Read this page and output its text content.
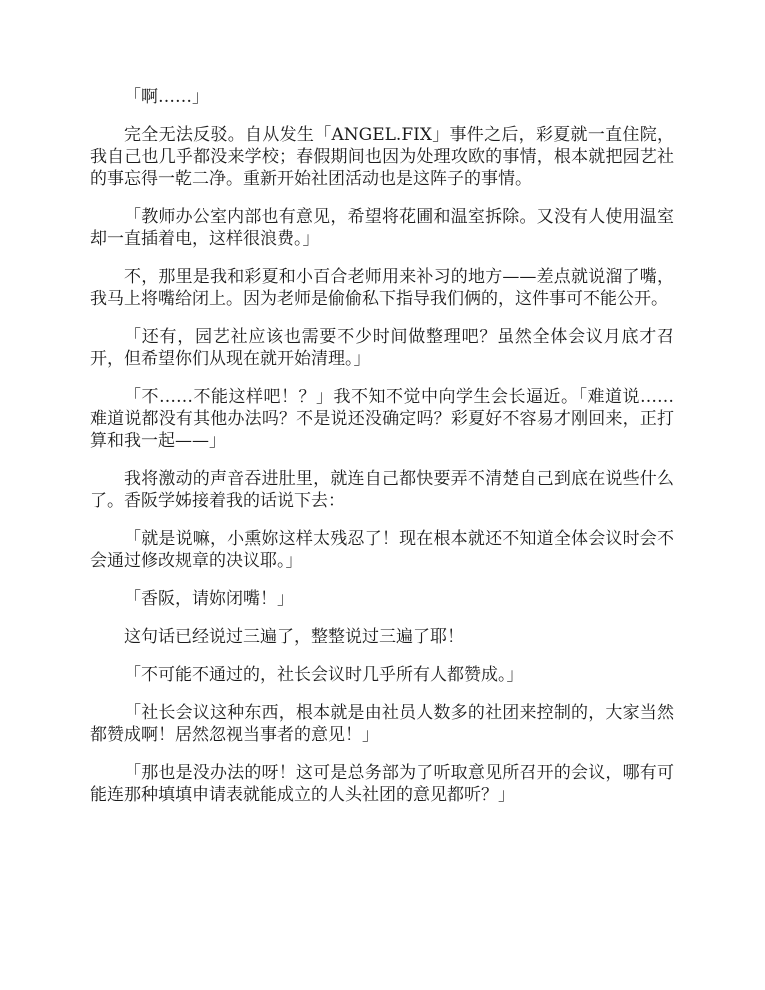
「啊……」

完全无法反驳。自从发生「ANGEL.FIX」事件之后，彩夏就一直住院，我自己也几乎都没来学校；春假期间也因为处理攻欧的事情，根本就把园艺社的事忘得一乾二净。重新开始社团活动也是这阵子的事情。

「教师办公室内部也有意见，希望将花圃和温室拆除。又没有人使用温室却一直插着电，这样很浪费。」

不，那里是我和彩夏和小百合老师用来补习的地方——差点就说溜了嘴，我马上将嘴给闭上。因为老师是偷偷私下指导我们俩的，这件事可不能公开。

「还有，园艺社应该也需要不少时间做整理吧？虽然全体会议月底才召开，但希望你们从现在就开始清理。」

「不……不能这样吧！？」我不知不觉中向学生会长逼近。「难道说……难道说都没有其他办法吗？不是说还没确定吗？彩夏好不容易才刚回来，正打算和我一起——」

我将激动的声音吞进肚里，就连自己都快要弄不清楚自己到底在说些什么了。香阪学姊接着我的话说下去：

「就是说嘛，小熏妳这样太残忍了！现在根本就还不知道全体会议时会不会通过修改规章的决议耶。」

「香阪，请妳闭嘴！」

这句话已经说过三遍了，整整说过三遍了耶！

「不可能不通过的，社长会议时几乎所有人都赞成。」

「社长会议这种东西，根本就是由社员人数多的社团来控制的，大家当然都赞成啊！居然忽视当事者的意见！」

「那也是没办法的呀！这可是总务部为了听取意见所召开的会议，哪有可能连那种填填申请表就能成立的人头社团的意见都听？」
